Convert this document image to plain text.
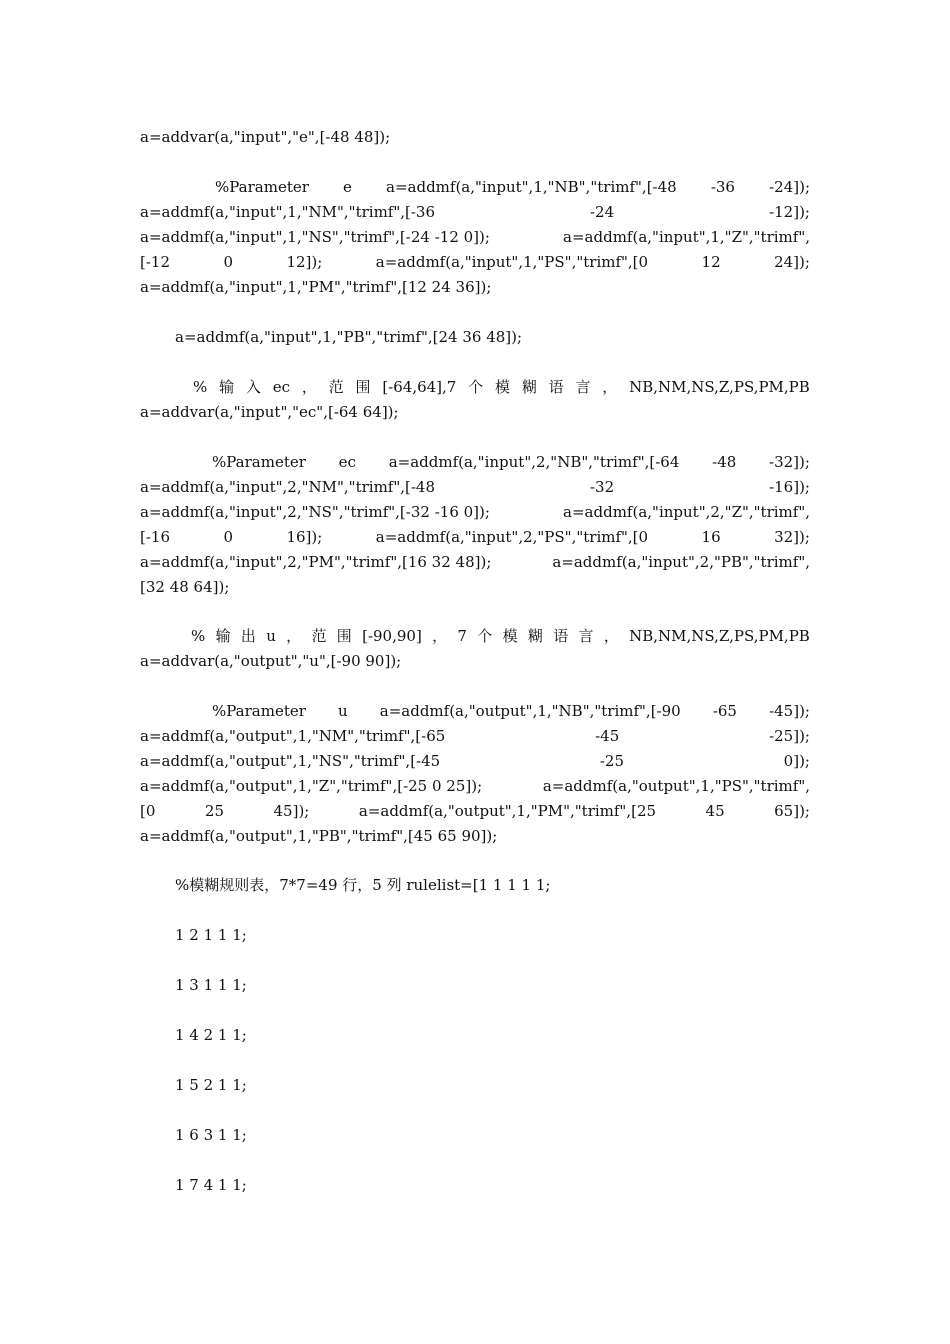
a=addvar(a,"input","e",[-48 48]);
%Parameter e a=addmf(a,"input",1,"NB","trimf",[-48 -36 -24]);
a=addmf(a,"input",1,"NM","trimf",[-36	-24	-12]);
a=addmf(a,"input",1,"NS","trimf",[-24 -12 0]);	a=addmf(a,"input",1,"Z","trimf",
[-12	0	12]);	a=addmf(a,"input",1,"PS","trimf",[0	12	24]);
a=addmf(a,"input",1,"PM","trimf",[12 24 36]);
a=addmf(a,"input",1,"PB","trimf",[24 36 48]);
% 输 入 ec ， 范 围 [-64,64],7 个 模 糊 语 言 ， NB,NM,NS,Z,PS,PM,PB
a=addvar(a,"input","ec",[-64 64]);
%Parameter ec a=addmf(a,"input",2,"NB","trimf",[-64 -48 -32]);
a=addmf(a,"input",2,"NM","trimf",[-48	-32	-16]);
a=addmf(a,"input",2,"NS","trimf",[-32 -16 0]);	a=addmf(a,"input",2,"Z","trimf",
[-16	0	16]);	a=addmf(a,"input",2,"PS","trimf",[0	16	32]);
a=addmf(a,"input",2,"PM","trimf",[16 32 48]);	a=addmf(a,"input",2,"PB","trimf",
[32 48 64]);
% 输 出 u ， 范 围 [-90,90] ， 7 个 模 糊 语 言 ， NB,NM,NS,Z,PS,PM,PB
a=addvar(a,"output","u",[-90 90]);
%Parameter u a=addmf(a,"output",1,"NB","trimf",[-90 -65 -45]);
a=addmf(a,"output",1,"NM","trimf",[-65	-45	-25]);
a=addmf(a,"output",1,"NS","trimf",[-45	-25	0]);
a=addmf(a,"output",1,"Z","trimf",[-25 0 25]);	a=addmf(a,"output",1,"PS","trimf",
[0	25	45]);	a=addmf(a,"output",1,"PM","trimf",[25	45	65]);
a=addmf(a,"output",1,"PB","trimf",[45 65 90]);
%模糊规则表，7*7=49 行，5 列 rulelist=[1 1 1 1 1;
1 2 1 1 1;
1 3 1 1 1;
1 4 2 1 1;
1 5 2 1 1;
1 6 3 1 1;
1 7 4 1 1;
